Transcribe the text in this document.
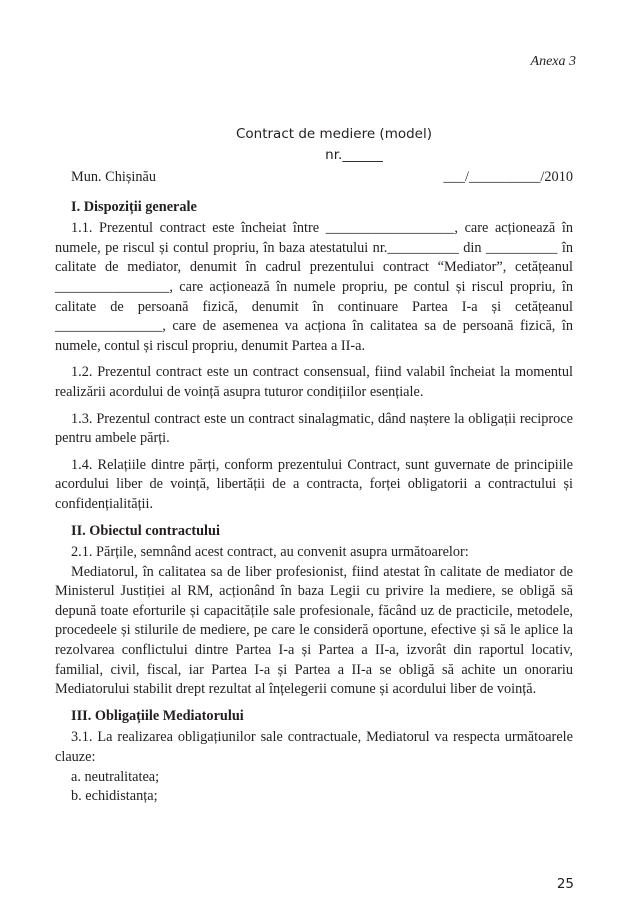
Anexa 3
Contract de mediere (model)
nr.______
Mun. Chișinău	___/__________/2010
I. Dispoziții generale

1.1. Prezentul contract este încheiat între __________________, care acționează în numele, pe riscul și contul propriu, în baza atestatului nr.__________ din __________ în calitate de mediator, denumit în cadrul prezentului contract “Mediator”, cetățeanul ________________, care acționează în numele propriu, pe contul și riscul propriu, în calitate de persoană fizică, denumit în continuare Partea I-a și cetățeanul _______________, care de asemenea va acționa în calitatea sa de persoană fizică, în numele, contul și riscul propriu, denumit Partea a II-a.

1.2. Prezentul contract este un contract consensual, fiind valabil încheiat la momentul realizării acordului de voință asupra tuturor condițiilor esențiale.

1.3. Prezentul contract este un contract sinalagmatic, dând naștere la obligații reciproce pentru ambele părți.

1.4. Relațiile dintre părți, conform prezentului Contract, sunt guvernate de principiile acordului liber de voință, libertății de a contracta, forței obligatorii a contractului și confidențialității.

II. Obiectul contractului

2.1. Părțile, semnând acest contract, au convenit asupra următoarelor:

Mediatorul, în calitatea sa de liber profesionist, fiind atestat în calitate de mediator de Ministerul Justiției al RM, acționând în baza Legii cu privire la mediere, se obligă să depună toate eforturile și capacitățile sale profesionale, făcând uz de practicile, metodele, procedeele și stilurile de mediere, pe care le consideră oportune, efective și să le aplice la rezolvarea conflictului dintre Partea I-a și Partea a II-a, izvorât din raportul locativ, familial, civil, fiscal, iar Partea I-a și Partea a II-a se obligă să achite un onorariu Mediatorului stabilit drept rezultat al înțelegerii comune și acordului liber de voință.

III. Obligațiile Mediatorului

3.1. La realizarea obligațiunilor sale contractuale, Mediatorul va respecta următoarele clauze:

a. neutralitatea;

b. echidistanța;

25
